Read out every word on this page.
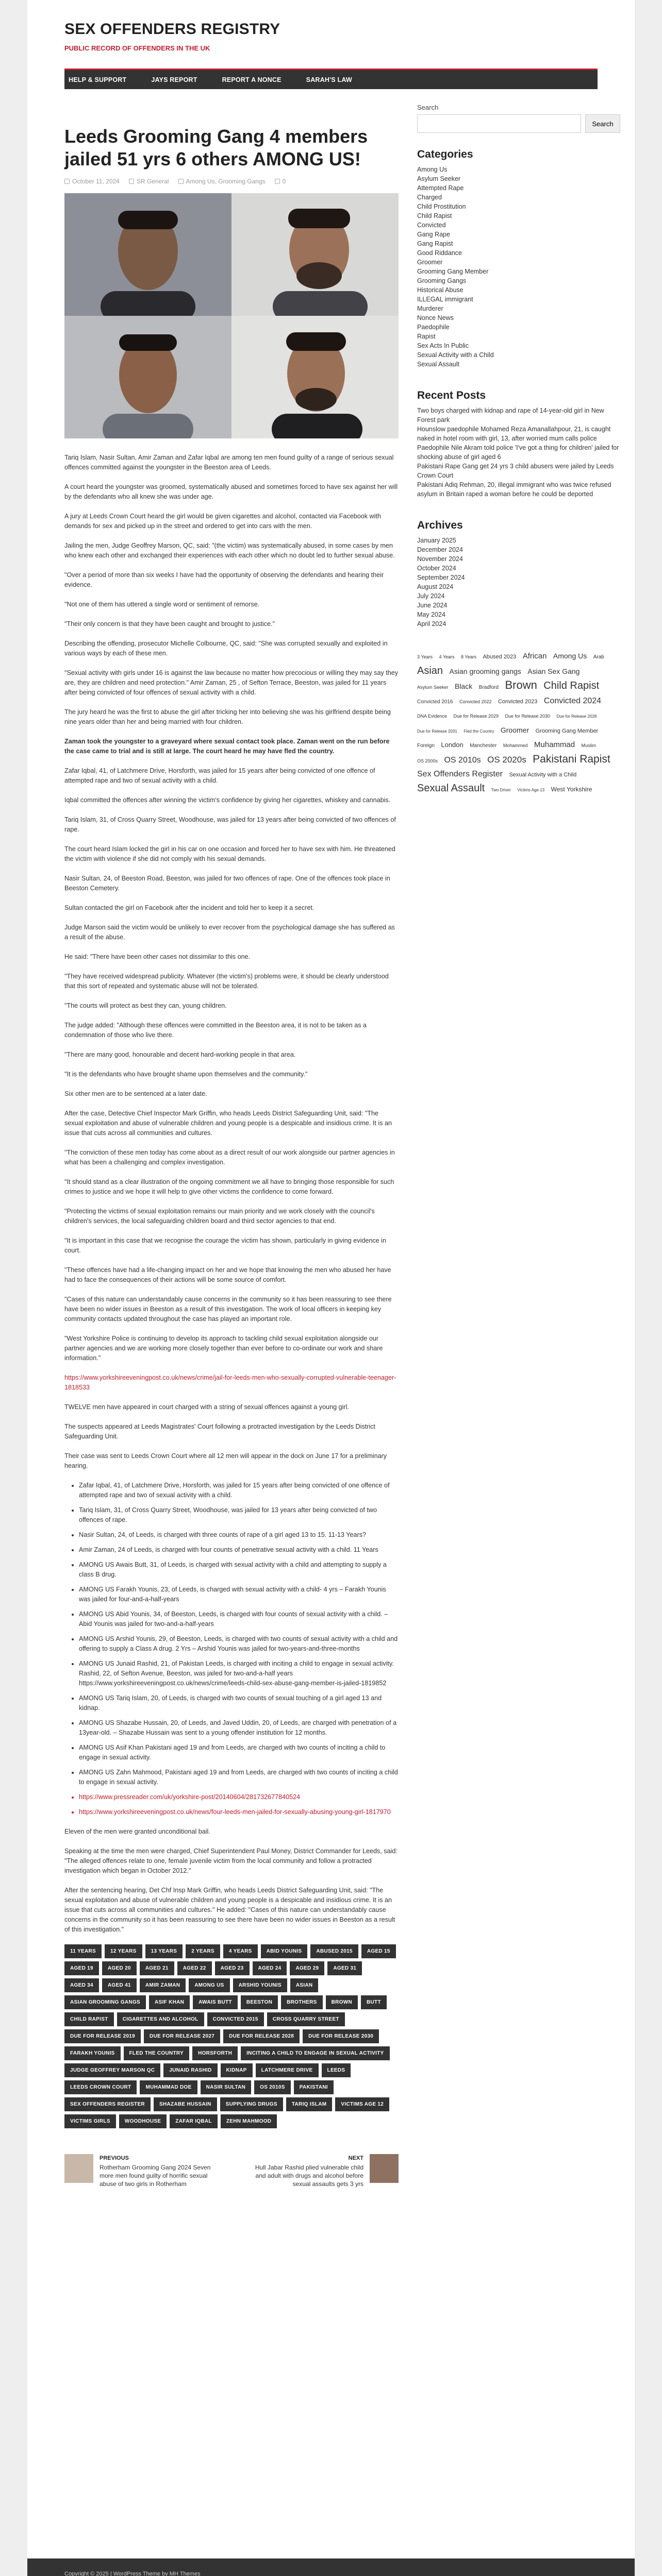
SEX OFFENDERS REGISTRY
PUBLIC RECORD OF OFFENDERS IN THE UK
HELP & SUPPORT	JAYS REPORT	REPORT A NONCE	SARAH'S LAW
Leeds Grooming Gang 4 members jailed 51 yrs 6 others AMONG US!
October 11, 2024	SR General	Among Us, Grooming Gangs	0

Tariq Islam, Nasir Sultan, Amir Zaman and Zafar Iqbal are among ten men found guilty of a range of serious sexual offences committed against the youngster in the Beeston area of Leeds.

A court heard the youngster was groomed, systematically abused and sometimes forced to have sex against her will by the defendants who all knew she was under age.

A jury at Leeds Crown Court heard the girl would be given cigarettes and alcohol, contacted via Facebook with demands for sex and picked up in the street and ordered to get into cars with the men.

Jailing the men, Judge Geoffrey Marson, QC, said: "(the victim) was systematically abused, in some cases by men who knew each other and exchanged their experiences with each other which no doubt led to further sexual abuse.

"Over a period of more than six weeks I have had the opportunity of observing the defendants and hearing their evidence.

"Not one of them has uttered a single word or sentiment of remorse.

"Their only concern is that they have been caught and brought to justice."

Describing the offending, prosecutor Michelle Colbourne, QC, said: "She was corrupted sexually and exploited in various ways by each of these men.

"Sexual activity with girls under 16 is against the law because no matter how precocious or willing they may say they are, they are children and need protection." Amir Zaman, 25 , of Sefton Terrace, Beeston, was jailed for 11 years after being convicted of four offences of sexual activity with a child.

The jury heard he was the first to abuse the girl after tricking her into believing she was his girlfriend despite being nine years older than her and being married with four children.

Zaman took the youngster to a graveyard where sexual contact took place. Zaman went on the run before the case came to trial and is still at large. The court heard he may have fled the country.

Zafar Iqbal, 41, of Latchmere Drive, Horsforth, was jailed for 15 years after being convicted of one offence of attempted rape and two of sexual activity with a child.

Iqbal committed the offences after winning the victim's confidence by giving her cigarettes, whiskey and cannabis.

Tariq Islam, 31, of Cross Quarry Street, Woodhouse, was jailed for 13 years after being convicted of two offences of rape.

The court heard Islam locked the girl in his car on one occasion and forced her to have sex with him. He threatened the victim with violence if she did not comply with his sexual demands.

Nasir Sultan, 24, of Beeston Road, Beeston, was jailed for two offences of rape. One of the offences took place in Beeston Cemetery.

Sultan contacted the girl on Facebook after the incident and told her to keep it a secret.

Judge Marson said the victim would be unlikely to ever recover from the psychological damage she has suffered as a result of the abuse.

He said: "There have been other cases not dissimilar to this one.

"They have received widespread publicity. Whatever (the victim's) problems were, it should be clearly understood that this sort of repeated and systematic abuse will not be tolerated.

"The courts will protect as best they can, young children.

The judge added: "Although these offences were committed in the Beeston area, it is not to be taken as a condemnation of those who live there.

"There are many good, honourable and decent hard-working people in that area.

"It is the defendants who have brought shame upon themselves and the community."

Six other men are to be sentenced at a later date.

After the case, Detective Chief Inspector Mark Griffin, who heads Leeds District Safeguarding Unit, said: "The sexual exploitation and abuse of vulnerable children and young people is a despicable and insidious crime. It is an issue that cuts across all communities and cultures.

"The conviction of these men today has come about as a direct result of our work alongside our partner agencies in what has been a challenging and complex investigation.

"It should stand as a clear illustration of the ongoing commitment we all have to bringing those responsible for such crimes to justice and we hope it will help to give other victims the confidence to come forward.

"Protecting the victims of sexual exploitation remains our main priority and we work closely with the council's children's services, the local safeguarding children board and third sector agencies to that end.

"It is important in this case that we recognise the courage the victim has shown, particularly in giving evidence in court.

"These offences have had a life-changing impact on her and we hope that knowing the men who abused her have had to face the consequences of their actions will be some source of comfort.

"Cases of this nature can understandably cause concerns in the community so it has been reassuring to see there have been no wider issues in Beeston as a result of this investigation. The work of local officers in keeping key community contacts updated throughout the case has played an important role.

"West Yorkshire Police is continuing to develop its approach to tackling child sexual exploitation alongside our partner agencies and we are working more closely together than ever before to co-ordinate our work and share information."

https://www.yorkshireeveningpost.co.uk/news/crime/jail-for-leeds-men-who-sexually-corrupted-vulnerable-teenager-1818533

TWELVE men have appeared in court charged with a string of sexual offences against a young girl.

The suspects appeared at Leeds Magistrates' Court following a protracted investigation by the Leeds District Safeguarding Unit.

Their case was sent to Leeds Crown Court where all 12 men will appear in the dock on June 17 for a preliminary hearing.

• Zafar Iqbal, 41, of Latchmere Drive, Horsforth, was jailed for 15 years after being convicted of one offence of attempted rape and two of sexual activity with a child.
• Tariq Islam, 31, of Cross Quarry Street, Woodhouse, was jailed for 13 years after being convicted of two offences of rape.
• Nasir Sultan, 24, of Leeds, is charged with three counts of rape of a girl aged 13 to 15. 11-13 Years?
• Amir Zaman, 24 of Leeds, is charged with four counts of penetrative sexual activity with a child. 11 Years
• AMONG US Awais Butt, 31, of Leeds, is charged with sexual activity with a child and attempting to supply a class B drug.
• AMONG US Farakh Younis, 23, of Leeds, is charged with sexual activity with a child- 4 yrs – Farakh Younis was jailed for four-and-a-half-years
• AMONG US Abid Younis, 34, of Beeston, Leeds, is charged with four counts of sexual activity with a child. – Abid Younis was jailed for two-and-a-half-years
• AMONG US Arshid Younis, 29, of Beeston, Leeds, is charged with two counts of sexual activity with a child and offering to supply a Class A drug. 2 Yrs – Arshid Younis was jailed for two-years-and-three-months
• AMONG US Junaid Rashid, 21, of Pakistan Leeds, is charged with inciting a child to engage in sexual activity. Rashid, 22, of Sefton Avenue, Beeston, was jailed for two-and-a-half years https://www.yorkshireeveningpost.co.uk/news/crime/leeds-child-sex-abuse-gang-member-is-jailed-1819852
• AMONG US Tariq Islam, 20, of Leeds, is charged with two counts of sexual touching of a girl aged 13 and kidnap.
• AMONG US Shazabe Hussain, 20, of Leeds, and Javed Uddin, 20, of Leeds, are charged with penetration of a 13year-old. – Shazabe Hussain was sent to a young offender institution for 12 months.
• AMONG US Asif Khan Pakistani aged 19 and from Leeds, are charged with two counts of inciting a child to engage in sexual activity.
• AMONG US Zahn Mahmood, Pakistani aged 19 and from Leeds, are charged with two counts of inciting a child to engage in sexual activity.
• https://www.pressreader.com/uk/yorkshire-post/20140604/281732677840524
• https://www.yorkshireeveningpost.co.uk/news/four-leeds-men-jailed-for-sexually-abusing-young-girl-1817970

Eleven of the men were granted unconditional bail.

Speaking at the time the men were charged, Chief Superintendent Paul Money, District Commander for Leeds, said: "The alleged offences relate to one, female juvenile victim from the local community and follow a protracted investigation which began in October 2012."

After the sentencing hearing, Det Chf Insp Mark Griffin, who heads Leeds District Safeguarding Unit, said: "The sexual exploitation and abuse of vulnerable children and young people is a despicable and insidious crime. It is an issue that cuts across all communities and cultures." He added: "Cases of this nature can understandably cause concerns in the community so it has been reassuring to see there have been no wider issues in Beeston as a result of this investigation."

11 YEARS	12 YEARS	13 YEARS	2 YEARS	4 YEARS	ABID YOUNIS	ABUSED 2015	AGED 15
AGED 19	AGED 20	AGED 21	AGED 22	AGED 23	AGED 24	AGED 29	AGED 31
AGED 34	AGED 41	AMIR ZAMAN	AMONG US	ARSHID YOUNIS	ASIAN
ASIAN GROOMING GANGS	ASIF KHAN	AWAIS BUTT	BEESTON	BROTHERS	BROWN	BUTT
CHILD RAPIST	CIGARETTES AND ALCOHOL	CONVICTED 2015	CROSS QUARRY STREET
DUE FOR RELEASE 2019	DUE FOR RELEASE 2027	DUE FOR RELEASE 2028	DUE FOR RELEASE 2030
FARAKH YOUNIS	FLED THE COUNTRY	HORSFORTH	INCITING A CHILD TO ENGAGE IN SEXUAL ACTIVITY
JUDGE GEOFFREY MARSON QC	JUNAID RASHID	KIDNAP	LATCHMERE DRIVE	LEEDS
LEEDS CROWN COURT	MUHAMMAD DOE	NASIR SULTAN	OS 2010S	PAKISTANI
SEX OFFENDERS REGISTER	SHAZABE HUSSAIN	SUPPLYING DRUGS	TARIQ ISLAM	VICTIMS AGE 12
VICTIMS GIRLS	WOODHOUSE	ZAFAR IQBAL	ZEHN MAHMOOD
PREVIOUS
Rotherham Grooming Gang 2024 Seven more men found guilty of horrific sexual abuse of two girls in Rotherham
NEXT
Hull Jabar Rashid plied vulnerable child and adult with drugs and alcohol before sexual assaults gets 3 yrs
Search
Search
Categories
Among Us
Asylum Seeker
Attempted Rape
Charged
Child Prostitution
Child Rapist
Convicted
Gang Rape
Gang Rapist
Good Riddance
Groomer
Grooming Gang Member
Grooming Gangs
Historical Abuse
ILLEGAL immigrant
Murderer
Nonce News
Paedophile
Rapist
Sex Acts In Public
Sexual Activity with a Child
Sexual Assault
Recent Posts
Two boys charged with kidnap and rape of 14-year-old girl in New Forest park
Hounslow paedophile Mohamed Reza Amanallahpour, 21, is caught naked in hotel room with girl, 13, after worried mum calls police
Paedophile Nile Akram told police 'I've got a thing for children' jailed for shocking abuse of girl aged 6
Pakistani Rape Gang get 24 yrs 3 child abusers were jailed by Leeds Crown Court
Pakistani Adiq Rehman, 20, illegal immigrant who was twice refused asylum in Britain raped a woman before he could be deported
Archives
January 2025
December 2024
November 2024
October 2024
September 2024
August 2024
July 2024
June 2024
May 2024
April 2024
3 Years 4 Years 8 Years Abused 2023 African Among Us Arab Asian Asian grooming gangs Asian Sex Gang Asylum Seeker Black Bradford Brown Child Rapist Convicted 2016 Convicted 2022 Convicted 2023 Convicted 2024 DNA Evidence Due for Release 2029 Due for Release 2030 Due for Release 2028 Due for Release 2031 Fled the Country Groomer Grooming Gang Member Foreign London Manchester Mohammed Muhammad Muslim OS 2000s OS 2010s OS 2020s Pakistani Rapist Sex Offenders Register Sexual Activity with a Child Sexual Assault Two Driver Victims Age 13 West Yorkshire
Copyright © 2025 | WordPress Theme by MH Themes
